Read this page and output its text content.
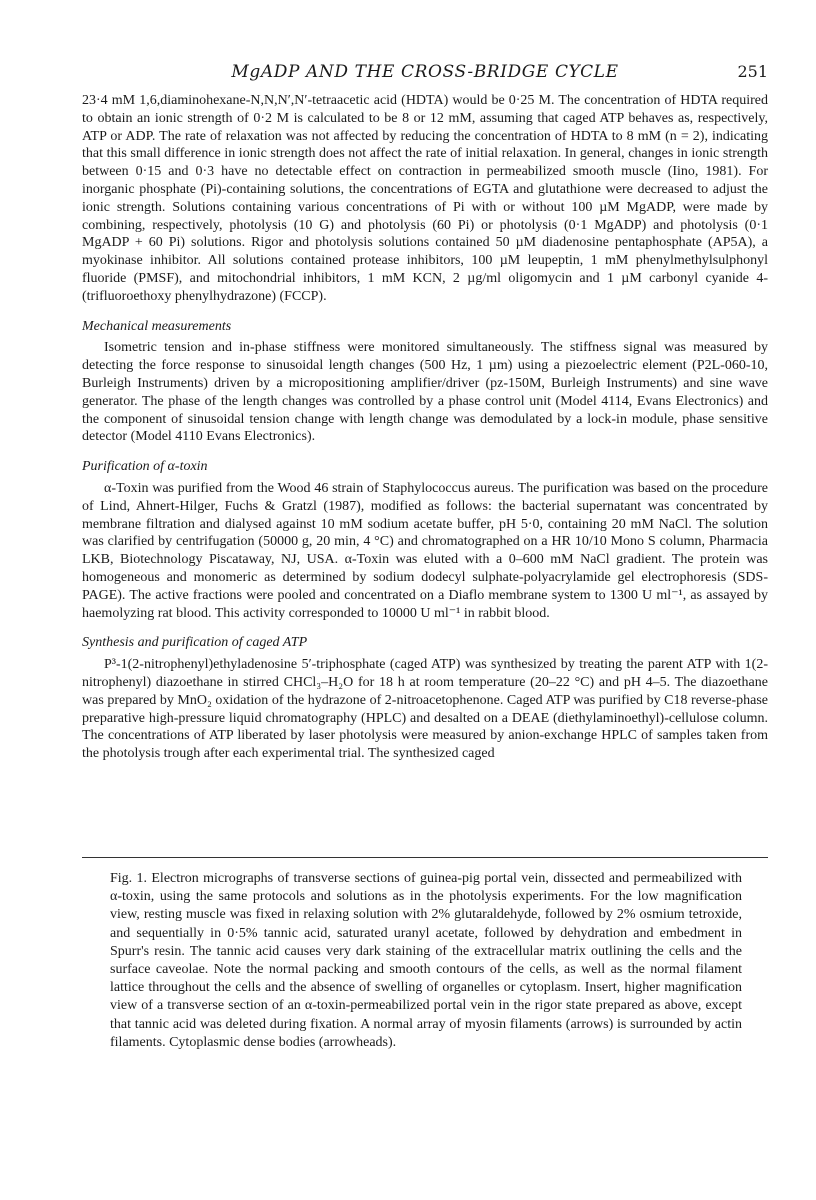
MgADP AND THE CROSS-BRIDGE CYCLE	251

23·4 mM 1,6,diaminohexane-N,N,N′,N′-tetraacetic acid (HDTA) would be 0·25 M. The concentration of HDTA required to obtain an ionic strength of 0·2 M is calculated to be 8 or 12 mM, assuming that caged ATP behaves as, respectively, ATP or ADP. The rate of relaxation was not affected by reducing the concentration of HDTA to 8 mM (n = 2), indicating that this small difference in ionic strength does not affect the rate of initial relaxation. In general, changes in ionic strength between 0·15 and 0·3 have no detectable effect on contraction in permeabilized smooth muscle (Iino, 1981). For inorganic phosphate (Pi)-containing solutions, the concentrations of EGTA and glutathione were decreased to adjust the ionic strength. Solutions containing various concentrations of Pi with or without 100 µM MgADP, were made by combining, respectively, photolysis (10 G) and photolysis (60 Pi) or photolysis (0·1 MgADP) and photolysis (0·1 MgADP + 60 Pi) solutions. Rigor and photolysis solutions contained 50 µM diadenosine pentaphosphate (AP5A), a myokinase inhibitor. All solutions contained protease inhibitors, 100 µM leupeptin, 1 mM phenylmethylsulphonyl fluoride (PMSF), and mitochondrial inhibitors, 1 mM KCN, 2 µg/ml oligomycin and 1 µM carbonyl cyanide 4-(trifluoroethoxy phenylhydrazone) (FCCP).

Mechanical measurements

Isometric tension and in-phase stiffness were monitored simultaneously. The stiffness signal was measured by detecting the force response to sinusoidal length changes (500 Hz, 1 µm) using a piezoelectric element (P2L-060-10, Burleigh Instruments) driven by a micropositioning amplifier/driver (pz-150M, Burleigh Instruments) and sine wave generator. The phase of the length changes was controlled by a phase control unit (Model 4114, Evans Electronics) and the component of sinusoidal tension change with length change was demodulated by a lock-in module, phase sensitive detector (Model 4110 Evans Electronics).

Purification of α-toxin

α-Toxin was purified from the Wood 46 strain of Staphylococcus aureus. The purification was based on the procedure of Lind, Ahnert-Hilger, Fuchs & Gratzl (1987), modified as follows: the bacterial supernatant was concentrated by membrane filtration and dialysed against 10 mM sodium acetate buffer, pH 5·0, containing 20 mM NaCl. The solution was clarified by centrifugation (50000 g, 20 min, 4 °C) and chromatographed on a HR 10/10 Mono S column, Pharmacia LKB, Biotechnology Piscataway, NJ, USA. α-Toxin was eluted with a 0–600 mM NaCl gradient. The protein was homogeneous and monomeric as determined by sodium dodecyl sulphate-polyacrylamide gel electrophoresis (SDS-PAGE). The active fractions were pooled and concentrated on a Diaflo membrane system to 1300 U ml⁻¹, as assayed by haemolyzing rat blood. This activity corresponded to 10000 U ml⁻¹ in rabbit blood.

Synthesis and purification of caged ATP

P³-1(2-nitrophenyl)ethyladenosine 5′-triphosphate (caged ATP) was synthesized by treating the parent ATP with 1(2-nitrophenyl) diazoethane in stirred CHCl₃–H₂O for 18 h at room temperature (20–22 °C) and pH 4–5. The diazoethane was prepared by MnO₂ oxidation of the hydrazone of 2-nitroacetophenone. Caged ATP was purified by C18 reverse-phase preparative high-pressure liquid chromatography (HPLC) and desalted on a DEAE (diethylaminoethyl)-cellulose column. The concentrations of ATP liberated by laser photolysis were measured by anion-exchange HPLC of samples taken from the photolysis trough after each experimental trial. The synthesized caged

Fig. 1. Electron micrographs of transverse sections of guinea-pig portal vein, dissected and permeabilized with α-toxin, using the same protocols and solutions as in the photolysis experiments. For the low magnification view, resting muscle was fixed in relaxing solution with 2% glutaraldehyde, followed by 2% osmium tetroxide, and sequentially in 0·5% tannic acid, saturated uranyl acetate, followed by dehydration and embedment in Spurr's resin. The tannic acid causes very dark staining of the extracellular matrix outlining the cells and the surface caveolae. Note the normal packing and smooth contours of the cells, as well as the normal filament lattice throughout the cells and the absence of swelling of organelles or cytoplasm. Insert, higher magnification view of a transverse section of an α-toxin-permeabilized portal vein in the rigor state prepared as above, except that tannic acid was deleted during fixation. A normal array of myosin filaments (arrows) is surrounded by actin filaments. Cytoplasmic dense bodies (arrowheads).
